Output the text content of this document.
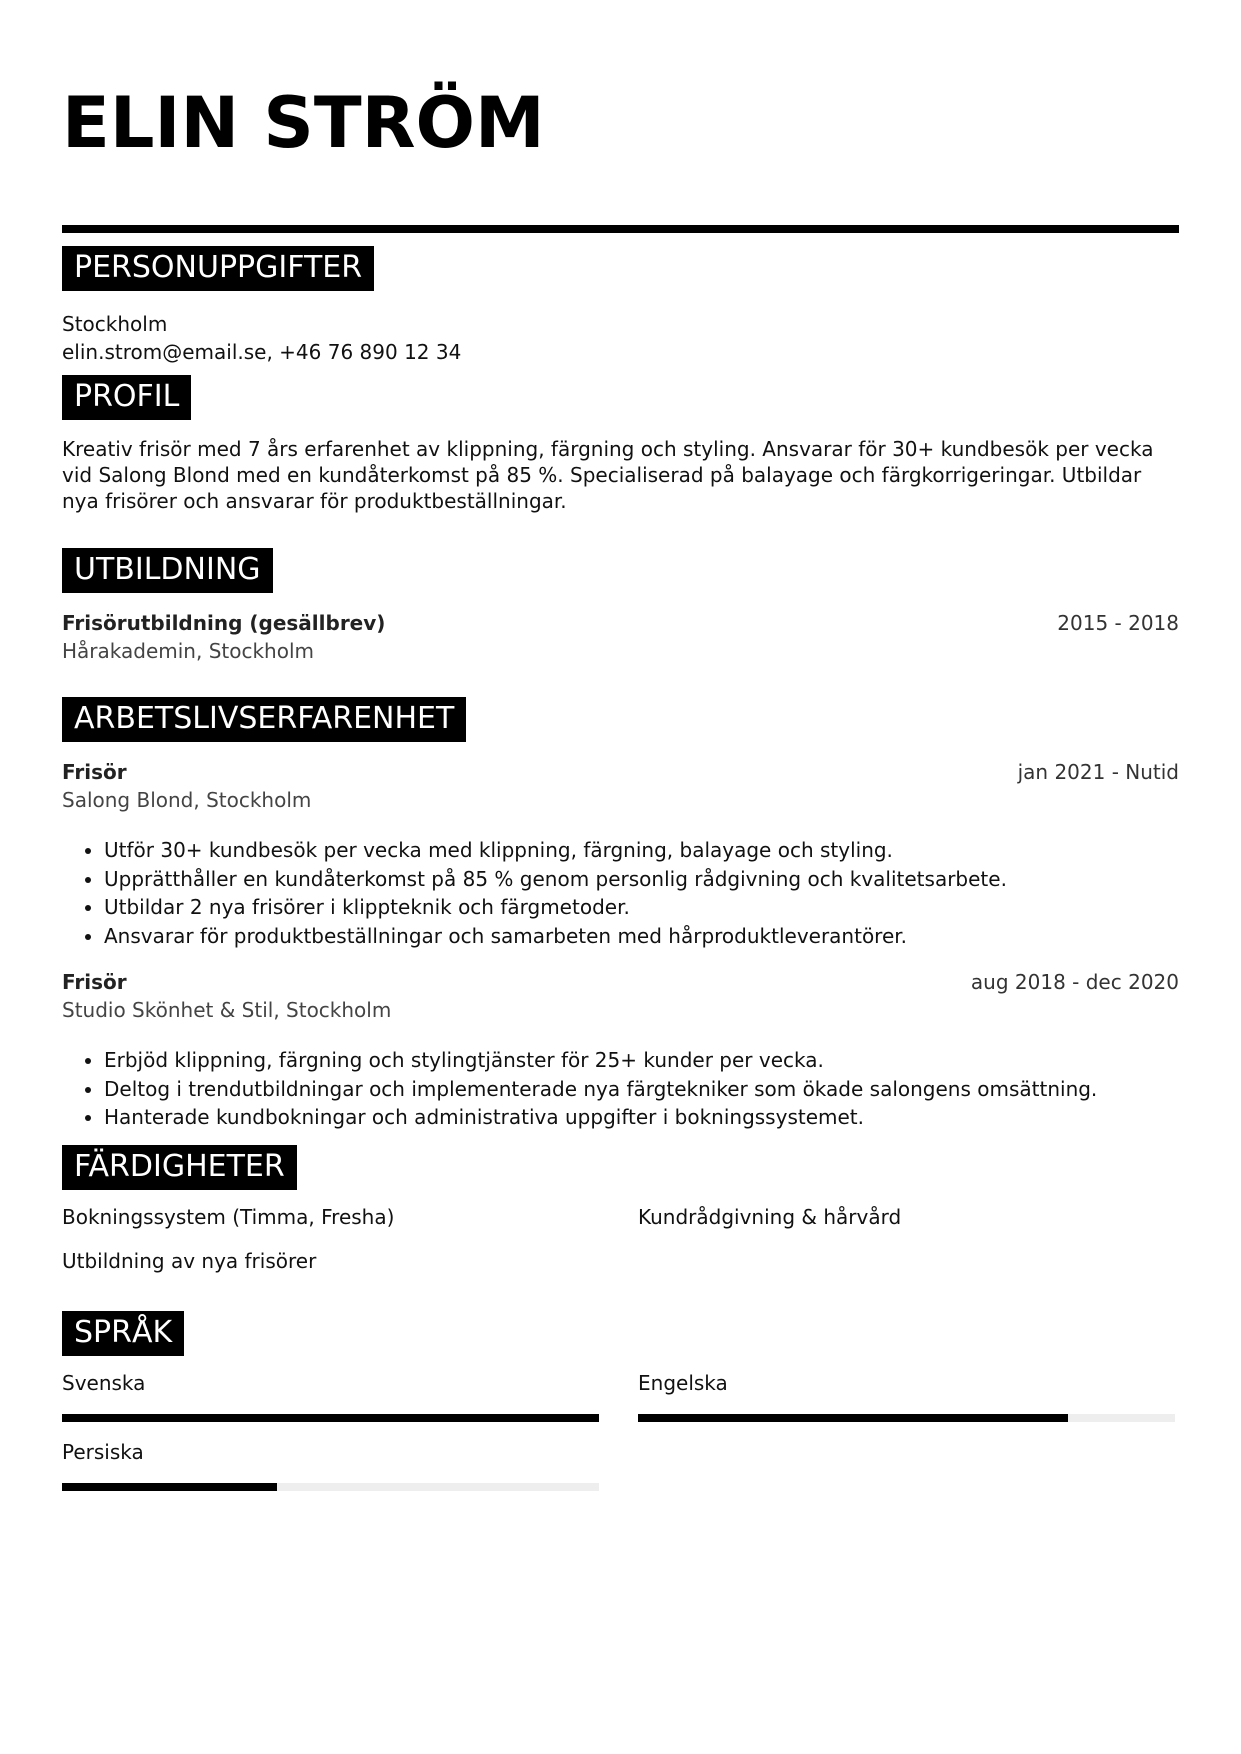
ELIN STRÖM
PERSONUPPGIFTER
Stockholm
elin.strom@email.se, +46 76 890 12 34
PROFIL
Kreativ frisör med 7 års erfarenhet av klippning, färgning och styling. Ansvarar för 30+ kundbesök per vecka vid Salong Blond med en kundåterkomst på 85 %. Specialiserad på balayage och färgkorrigeringar. Utbildar nya frisörer och ansvarar för produktbeställningar.
UTBILDNING
Frisörutbildning (gesällbrev)	2015 - 2018
Hårakademin, Stockholm
ARBETSLIVSERFARENHET
Frisör	jan 2021 - Nutid
Salong Blond, Stockholm
• Utför 30+ kundbesök per vecka med klippning, färgning, balayage och styling.
• Upprätthåller en kundåterkomst på 85 % genom personlig rådgivning och kvalitetsarbete.
• Utbildar 2 nya frisörer i klippteknik och färgmetoder.
• Ansvarar för produktbeställningar och samarbeten med hårproduktleverantörer.
Frisör	aug 2018 - dec 2020
Studio Skönhet & Stil, Stockholm
• Erbjöd klippning, färgning och stylingtjänster för 25+ kunder per vecka.
• Deltog i trendutbildningar och implementerade nya färgtekniker som ökade salongens omsättning.
• Hanterade kundbokningar och administrativa uppgifter i bokningssystemet.
FÄRDIGHETER
Bokningssystem (Timma, Fresha)	Kundrådgivning & hårvård
Utbildning av nya frisörer
SPRÅK
Svenska	Engelska
Persiska
